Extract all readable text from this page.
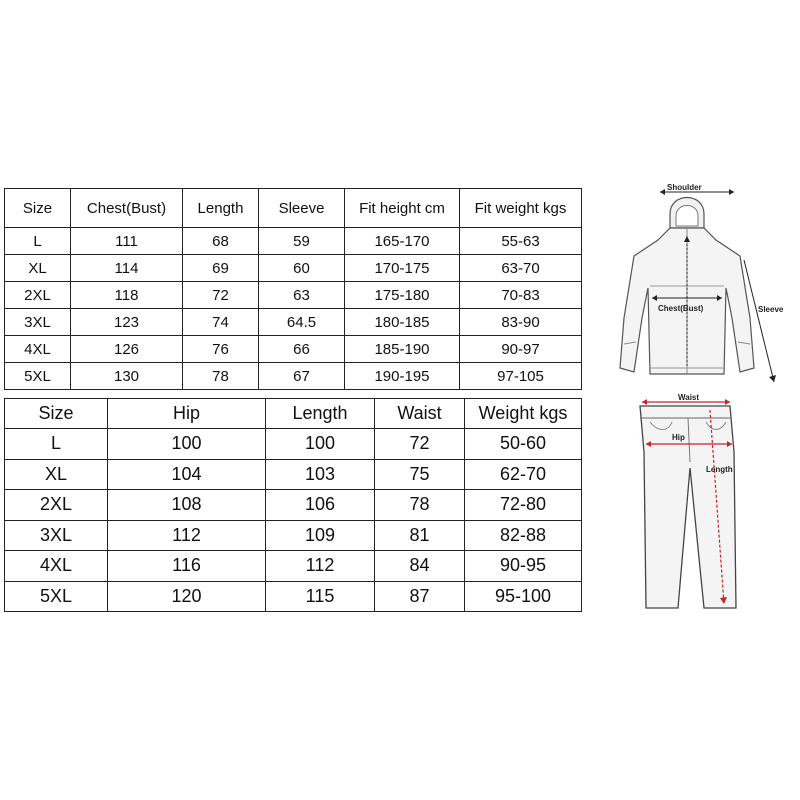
Size	Chest(Bust)	Length	Sleeve	Fit height cm	Fit weight kgs
L	111	68	59	165-170	55-63
XL	114	69	60	170-175	63-70
2XL	118	72	63	175-180	70-83
3XL	123	74	64.5	180-185	83-90
4XL	126	76	66	185-190	90-97
5XL	130	78	67	190-195	97-105
Size	Hip	Length	Waist	Weight kgs
L	100	100	72	50-60
XL	104	103	75	62-70
2XL	108	106	78	72-80
3XL	112	109	81	82-88
4XL	116	112	84	90-95
5XL	120	115	87	95-100
Shoulder
Chest(Bust)	Sleeve
Waist
Hip
Length
